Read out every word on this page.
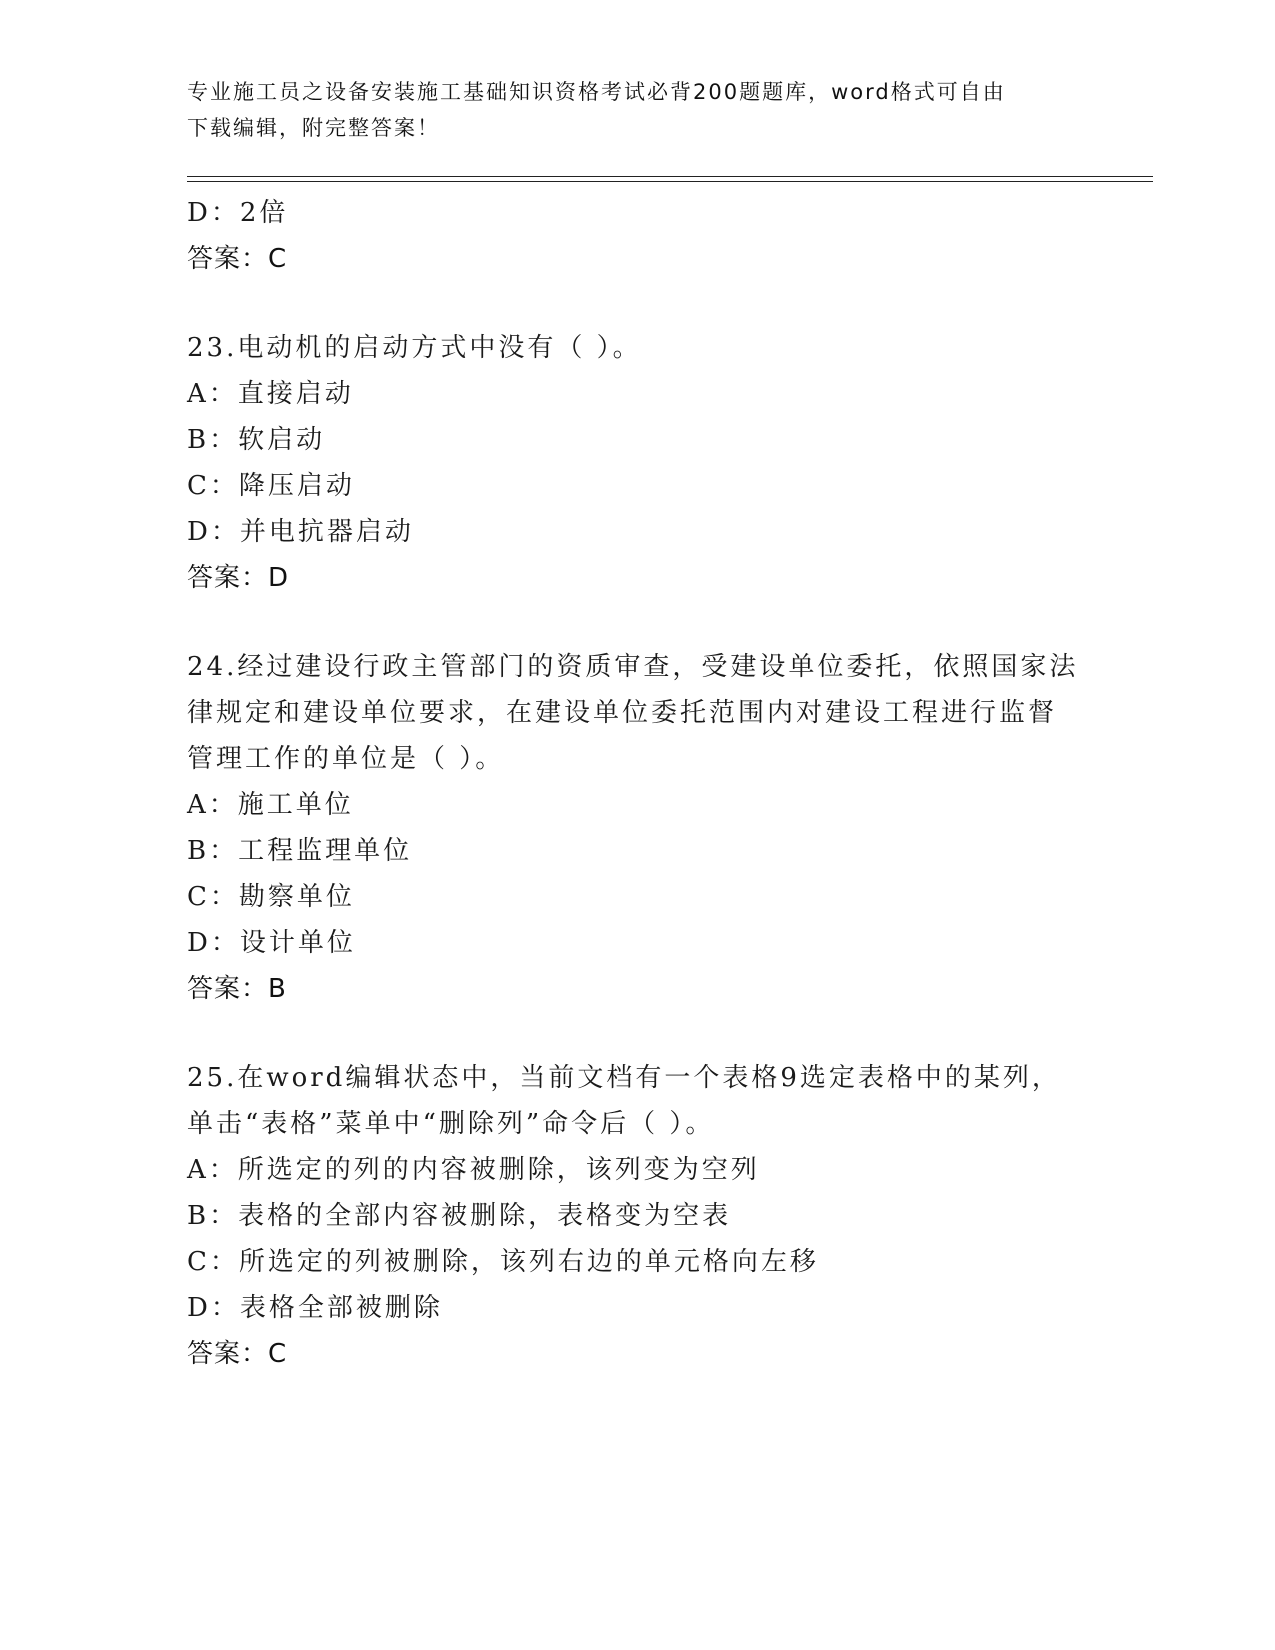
专业施工员之设备安装施工基础知识资格考试必背200题题库，word格式可自由
下载编辑，附完整答案！
D：2倍
答案：C
23.电动机的启动方式中没有（ ）。
A：直接启动
B：软启动
C：降压启动
D：并电抗器启动
答案：D
24.经过建设行政主管部门的资质审查，受建设单位委托，依照国家法
律规定和建设单位要求，在建设单位委托范围内对建设工程进行监督
管理工作的单位是（ ）。
A：施工单位
B：工程监理单位
C：勘察单位
D：设计单位
答案：B
25.在word编辑状态中，当前文档有一个表格9选定表格中的某列，
单击“表格”菜单中“删除列”命令后（ ）。
A：所选定的列的内容被删除，该列变为空列
B：表格的全部内容被删除，表格变为空表
C：所选定的列被删除，该列右边的单元格向左移
D：表格全部被删除
答案：C
